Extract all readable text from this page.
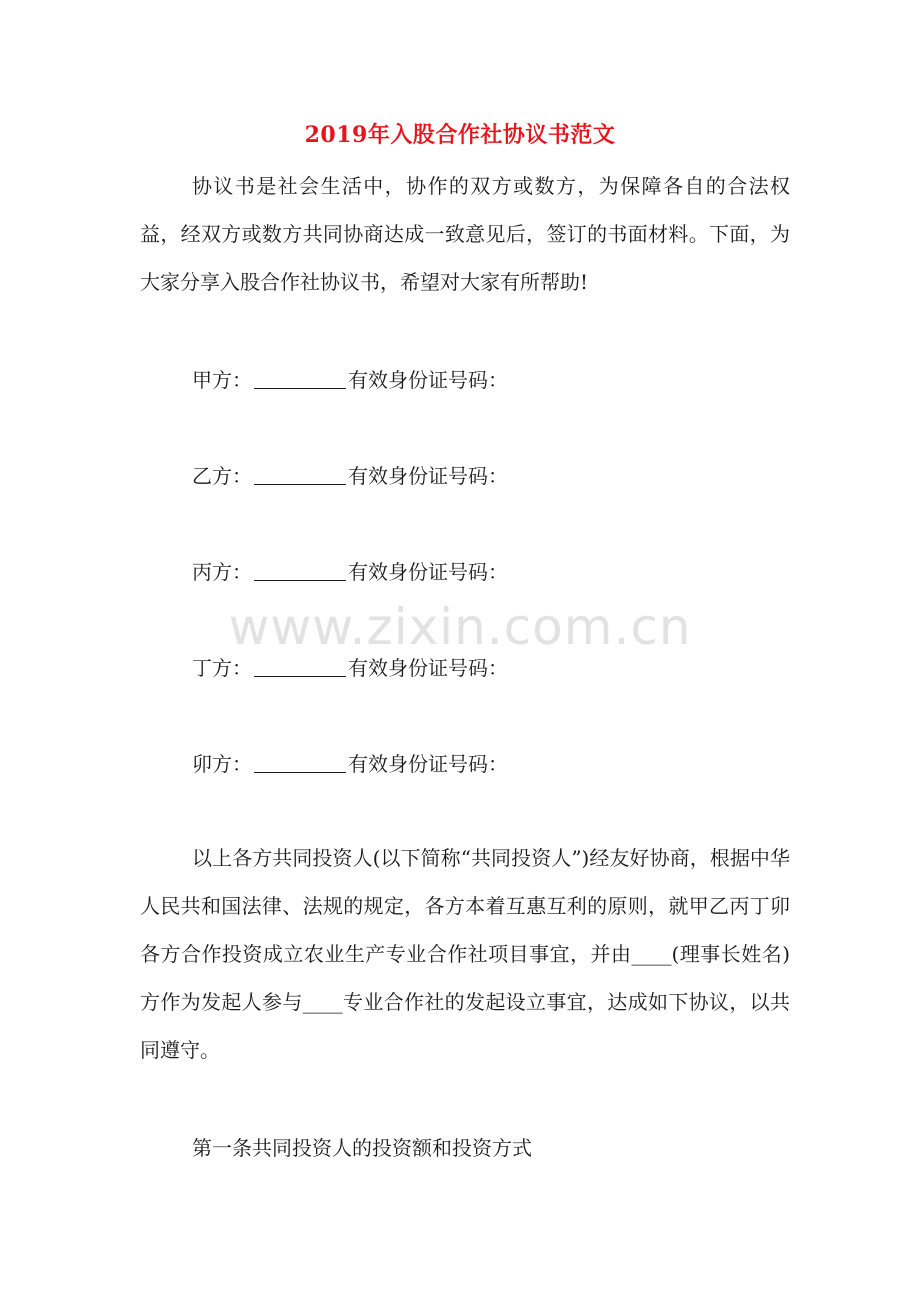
2019年入股合作社协议书范文
协议书是社会生活中，协作的双方或数方，为保障各自的合法权益，经双方或数方共同协商达成一致意见后，签订的书面材料。下面，为大家分享入股合作社协议书，希望对大家有所帮助!
甲方：	有效身份证号码：
乙方：	有效身份证号码：
丙方：	有效身份证号码：
丁方：	有效身份证号码：
卯方：	有效身份证号码：
以上各方共同投资人(以下简称“共同投资人”)经友好协商，根据中华人民共和国法律、法规的规定，各方本着互惠互利的原则，就甲乙丙丁卯各方合作投资成立农业生产专业合作社项目事宜，并由____(理事长姓名)方作为发起人参与____专业合作社的发起设立事宜，达成如下协议，以共同遵守。
第一条共同投资人的投资额和投资方式
www.zixin.com.cn
